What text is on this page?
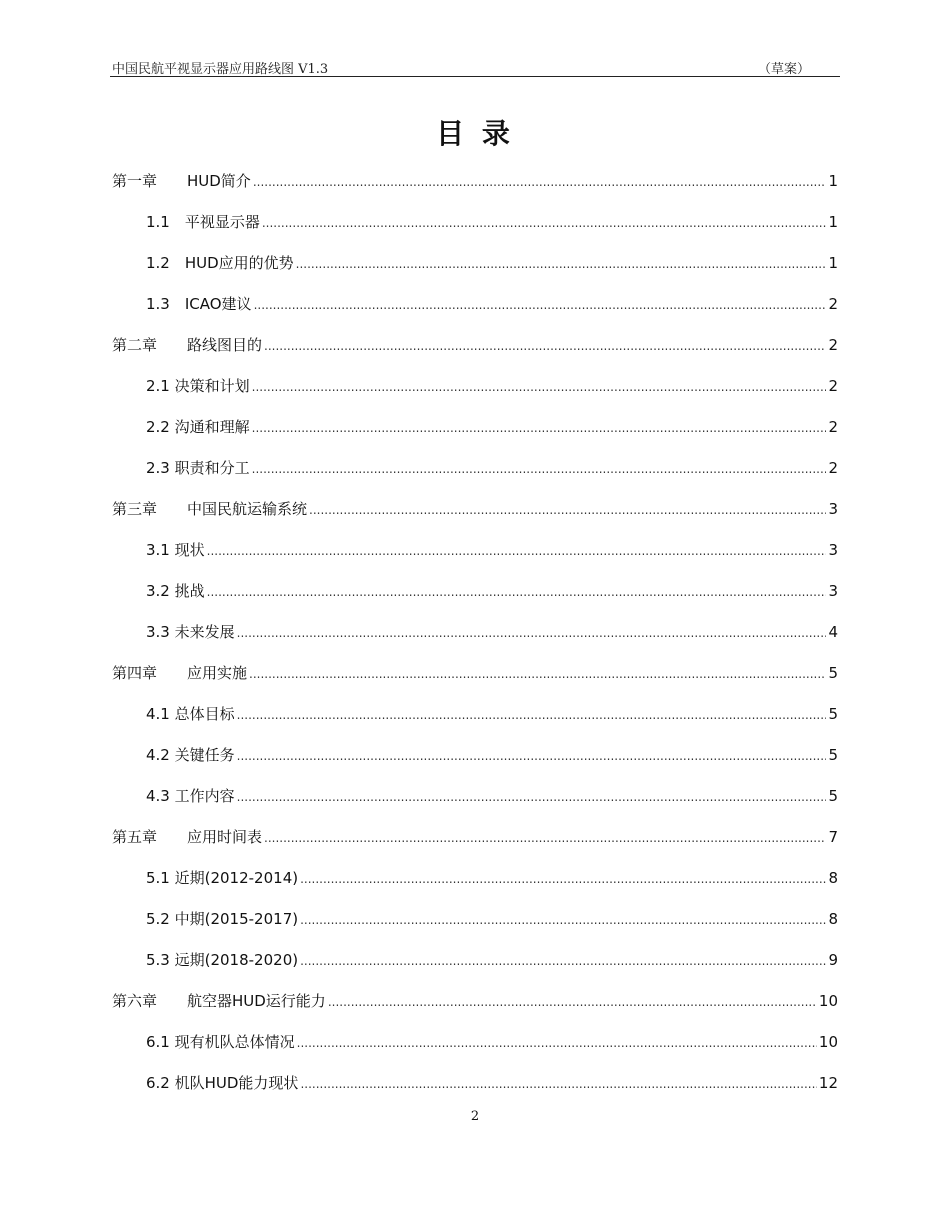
中国民航平视显示器应用路线图 V1.3	（草案）
目 录
第一章　　HUD简介 .....	1
1.1　平视显示器 .....	1
1.2　HUD应用的优势 .....	1
1.3　ICAO建议 .....	2
第二章　　路线图目的 .....	2
2.1 决策和计划 .....	2
2.2 沟通和理解 .....	2
2.3 职责和分工 .....	2
第三章　　中国民航运输系统 .....	3
3.1 现状 .....	3
3.2 挑战 .....	3
3.3 未来发展 .....	4
第四章　　应用实施 .....	5
4.1 总体目标 .....	5
4.2 关键任务 .....	5
4.3 工作内容 .....	5
第五章　　应用时间表 .....	7
5.1 近期(2012-2014) .....	8
5.2 中期(2015-2017) .....	8
5.3 远期(2018-2020) .....	9
第六章　　航空器HUD运行能力 .....	10
6.1 现有机队总体情况 .....	10
6.2 机队HUD能力现状 .....	12
2
